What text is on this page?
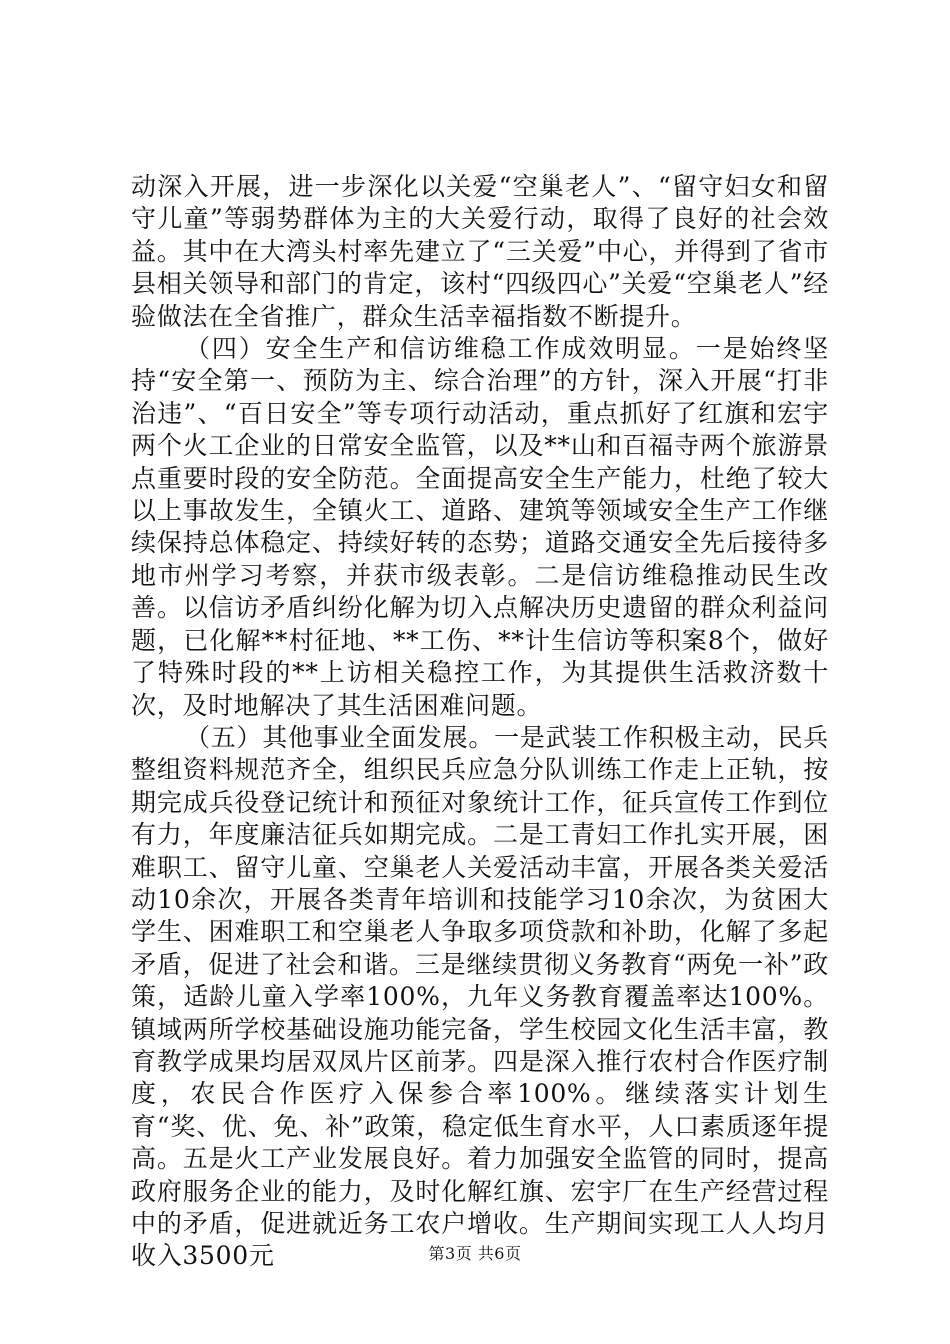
动深入开展，进一步深化以关爱“空巢老人”、“留守妇女和留守儿童”等弱势群体为主的大关爱行动，取得了良好的社会效益。其中在大湾头村率先建立了“三关爱”中心，并得到了省市县相关领导和部门的肯定，该村“四级四心”关爱“空巢老人”经验做法在全省推广，群众生活幸福指数不断提升。

（四）安全生产和信访维稳工作成效明显。一是始终坚持“安全第一、预防为主、综合治理”的方针，深入开展“打非治违”、“百日安全”等专项行动活动，重点抓好了红旗和宏宇两个火工企业的日常安全监管，以及**山和百福寺两个旅游景点重要时段的安全防范。全面提高安全生产能力，杜绝了较大以上事故发生，全镇火工、道路、建筑等领域安全生产工作继续保持总体稳定、持续好转的态势；道路交通安全先后接待多地市州学习考察，并获市级表彰。二是信访维稳推动民生改善。以信访矛盾纠纷化解为切入点解决历史遗留的群众利益问题，已化解**村征地、**工伤、**计生信访等积案8个，做好了特殊时段的**上访相关稳控工作，为其提供生活救济数十次，及时地解决了其生活困难问题。

（五）其他事业全面发展。一是武装工作积极主动，民兵整组资料规范齐全，组织民兵应急分队训练工作走上正轨，按期完成兵役登记统计和预征对象统计工作，征兵宣传工作到位有力，年度廉洁征兵如期完成。二是工青妇工作扎实开展，困难职工、留守儿童、空巢老人关爱活动丰富，开展各类关爱活动10余次，开展各类青年培训和技能学习10余次，为贫困大学生、困难职工和空巢老人争取多项贷款和补助，化解了多起矛盾，促进了社会和谐。三是继续贯彻义务教育“两免一补”政策，适龄儿童入学率100%，九年义务教育覆盖率达100%。镇域两所学校基础设施功能完备，学生校园文化生活丰富，教育教学成果均居双凤片区前茅。四是深入推行农村合作医疗制度，农民合作医疗入保参合率100%。继续落实计划生育“奖、优、免、补”政策，稳定低生育水平，人口素质逐年提高。五是火工产业发展良好。着力加强安全监管的同时，提高政府服务企业的能力，及时化解红旗、宏宇厂在生产经营过程中的矛盾，促进就近务工农户增收。生产期间实现工人人均月收入3500元	第3页 共6页
